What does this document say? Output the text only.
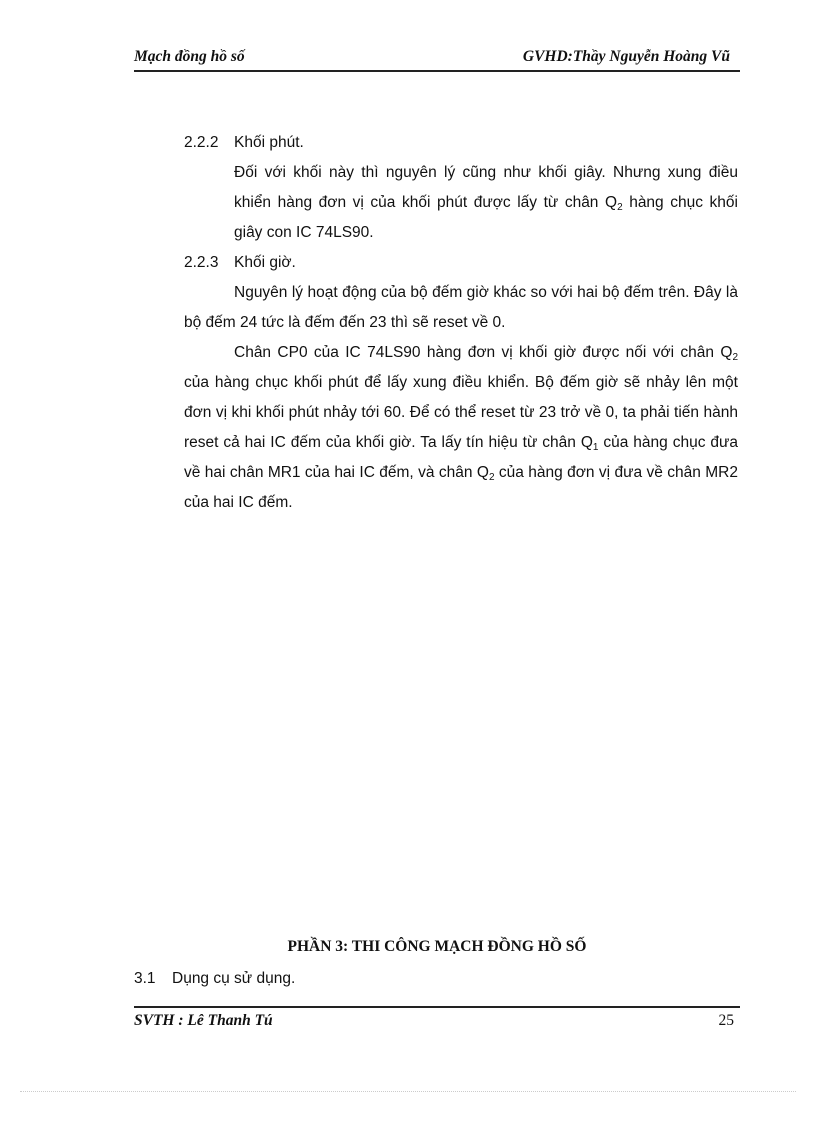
Mạch đồng hồ số	GVHD:Thầy Nguyễn Hoàng Vũ
2.2.2 Khối phút.
Đối với khối này thì nguyên lý cũng như khối giây. Nhưng xung điều khiển hàng đơn vị của khối phút được lấy từ chân $Q_2$ hàng chục khối giây con IC 74LS90.
2.2.3 Khối giờ.
Nguyên lý hoạt động của bộ đếm giờ khác so với hai bộ đếm trên. Đây là bộ đếm 24 tức là đếm đến 23 thì sẽ reset về 0.
Chân CP0 của IC 74LS90 hàng đơn vị khối giờ được nối với chân $Q_2$ của hàng chục khối phút để lấy xung điều khiển. Bộ đếm giờ sẽ nhảy lên một đơn vị khi khối phút nhảy tới 60. Để có thể reset từ 23 trở về 0, ta phải tiến hành reset cả hai IC đếm của khối giờ. Ta lấy tín hiệu từ chân $Q_1$ của hàng chục đưa về hai chân MR1 của hai IC đếm, và chân $Q_2$ của hàng đơn vị đưa về chân MR2 của hai IC đếm.
PHẦN 3: THI CÔNG MẠCH ĐỒNG HỒ SỐ
3.1 Dụng cụ sử dụng.
SVTH : Lê Thanh Tú	25
